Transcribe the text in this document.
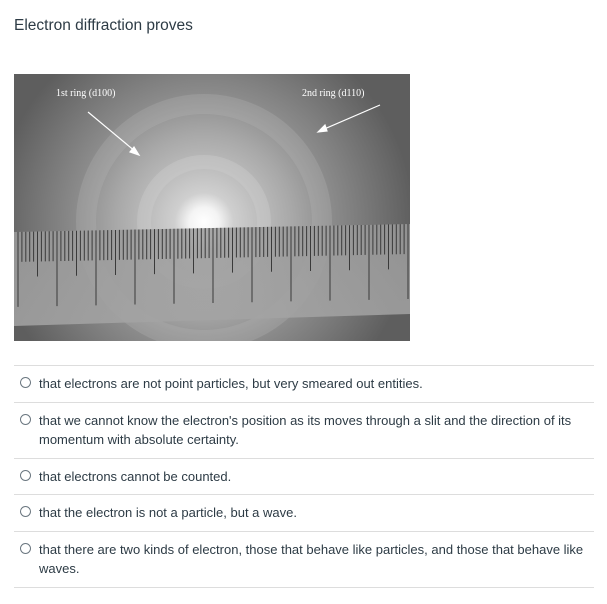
Electron diffraction proves
1st ring (d100)	2nd ring (d110)
that electrons are not point particles, but very smeared out entities.
that we cannot know the electron's position as its moves through a slit and the direction of its momentum with absolute certainty.
that electrons cannot be counted.
that the electron is not a particle, but a wave.
that there are two kinds of electron, those that behave like particles, and those that behave like waves.
